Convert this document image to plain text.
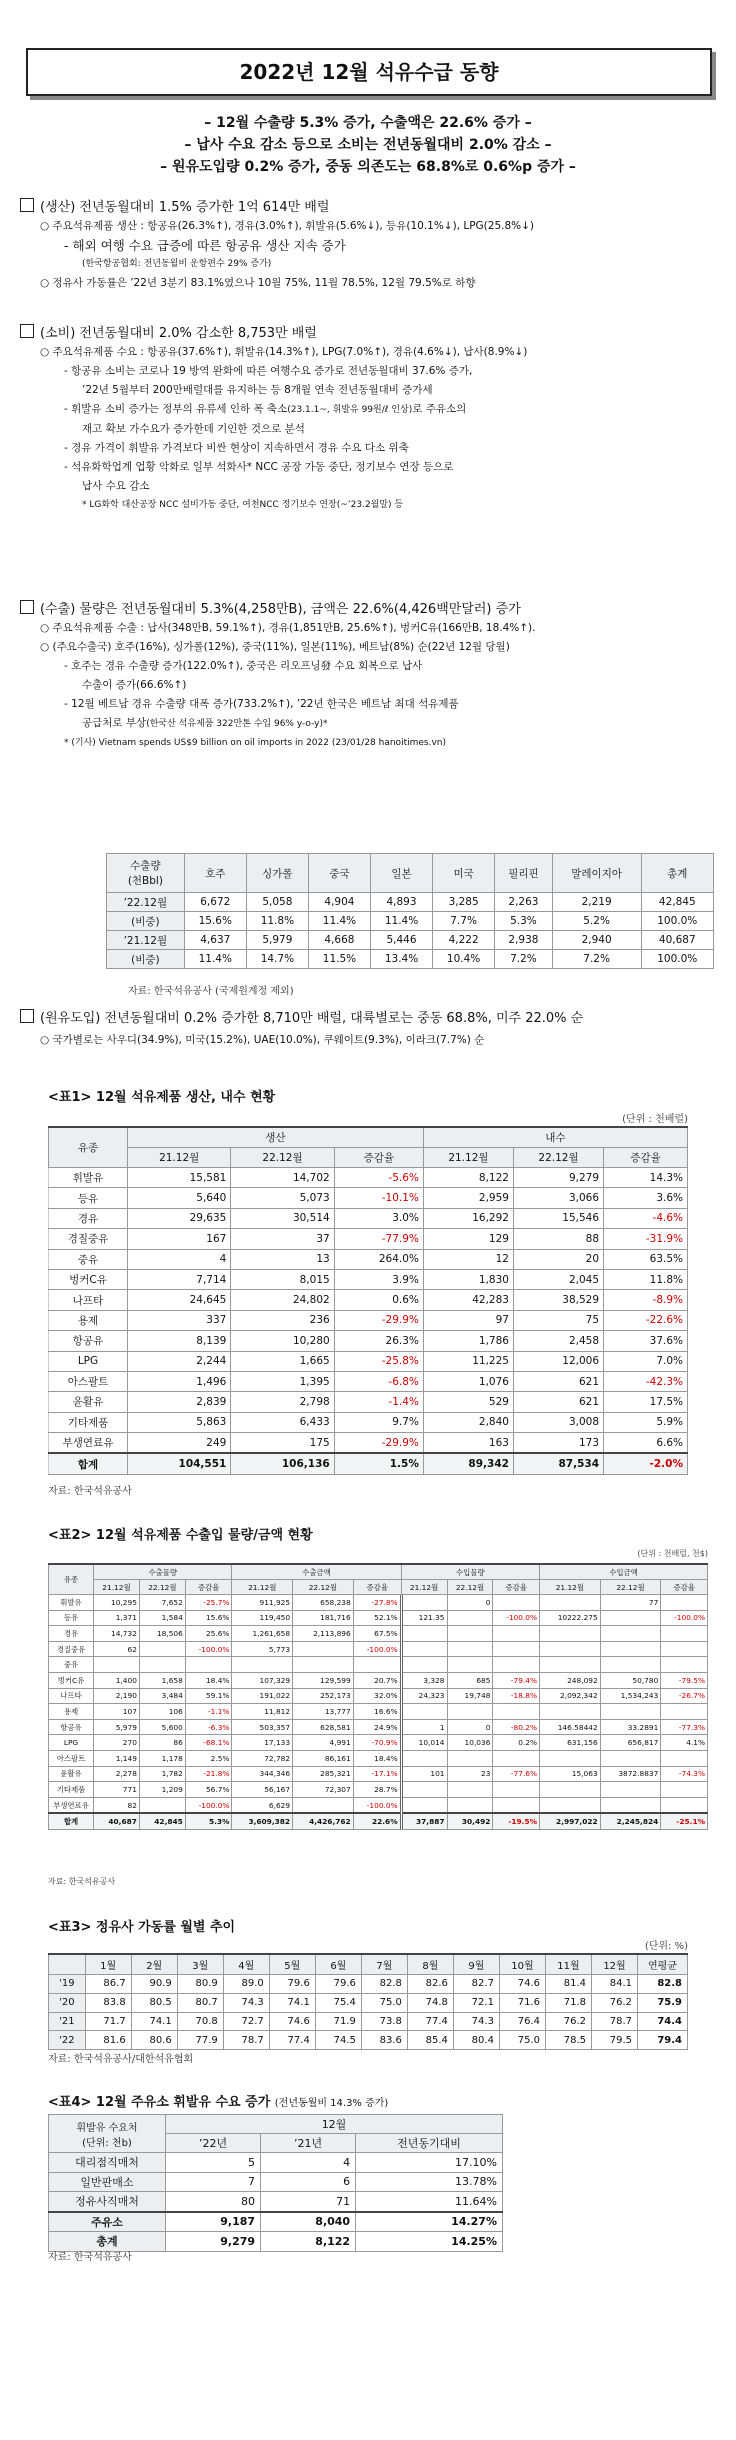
2022년 12월 석유수급 동향
– 12월 수출량 5.3% 증가, 수출액은 22.6% 증가 –
– 납사 수요 감소 등으로 소비는 전년동월대비 2.0% 감소 –
– 원유도입량 0.2% 증가, 중동 의존도는 68.8%로 0.6%p 증가 –
(생산) 전년동월대비 1.5% 증가한 1억 614만 배럴
○ 주요석유제품 생산 : 항공유(26.3%↑), 경유(3.0%↑), 휘발유(5.6%↓), 등유(10.1%↓), LPG(25.8%↓)
- 해외 여행 수요 급증에 따른 항공유 생산 지속 증가
(한국항공협회: 전년동월비 운항편수 29% 증가)
○ 정유사 가동률은 ’22년 3분기 83.1%였으나 10월 75%, 11월 78.5%, 12월 79.5%로 하향
(소비) 전년동월대비 2.0% 감소한 8,753만 배럴
○ 주요석유제품 수요 : 항공유(37.6%↑), 휘발유(14.3%↑), LPG(7.0%↑), 경유(4.6%↓), 납사(8.9%↓)
- 항공유 소비는 코로나 19 방역 완화에 따른 여행수요 증가로 전년동월대비 37.6% 증가,
’22년 5월부터 200만배럴대를 유지하는 등 8개월 연속 전년동월대비 증가세
- 휘발유 소비 증가는 정부의 유류세 인하 폭 축소(23.1.1~, 휘발유 99원/ℓ 인상)로 주유소의
재고 확보 가수요가 증가한데 기인한 것으로 분석
- 경유 가격이 휘발유 가격보다 비싼 현상이 지속하면서 경유 수요 다소 위축
- 석유화학업계 업황 악화로 일부 석화사* NCC 공장 가동 중단, 정기보수 연장 등으로
납사 수요 감소
* LG화학 대산공장 NCC 설비가동 중단, 여천NCC 정기보수 연장(~’23.2월말) 등
(수출) 물량은 전년동월대비 5.3%(4,258만B), 금액은 22.6%(4,426백만달러) 증가
○ 주요석유제품 수출 : 납사(348만B, 59.1%↑), 경유(1,851만B, 25.6%↑), 벙커C유(166만B, 18.4%↑).
○ (주요수출국) 호주(16%), 싱가폴(12%), 중국(11%), 일본(11%), 베트남(8%) 순(22년 12월 당월)
- 호주는 경유 수출량 증가(122.0%↑), 중국은 리오프닝發 수요 회복으로 납사
수출이 증가(66.6%↑)
- 12월 베트남 경유 수출량 대폭 증가(733.2%↑), ’22년 한국은 베트남 최대 석유제품
공급처로 부상(한국산 석유제품 322만톤 수입 96% y-o-y)*
* (기사) Vietnam spends US$9 billion on oil imports in 2022 (23/01/28 hanoitimes.vn)
수출량
(천Bbl)	호주	싱가폴	중국	일본	미국	필리핀	말레이지아	총계
’22.12월	6,672	5,058	4,904	4,893	3,285	2,263	2,219	42,845
(비중)	15.6%	11.8%	11.4%	11.4%	7.7%	5.3%	5.2%	100.0%
’21.12월	4,637	5,979	4,668	5,446	4,222	2,938	2,940	40,687
(비중)	11.4%	14.7%	11.5%	13.4%	10.4%	7.2%	7.2%	100.0%
자료: 한국석유공사 (국제원계정 제외)
(원유도입) 전년동월대비 0.2% 증가한 8,710만 배럴, 대륙별로는 중동 68.8%, 미주 22.0% 순
○ 국가별로는 사우디(34.9%), 미국(15.2%), UAE(10.0%), 쿠웨이트(9.3%), 이라크(7.7%) 순
<표1> 12월 석유제품 생산, 내수 현황
(단위 : 천배럴)
유종	생산			내수		
	21.12월	22.12월	증감율	21.12월	22.12월	증감율
휘발유	15,581	14,702	-5.6%	8,122	9,279	14.3%
등유	5,640	5,073	-10.1%	2,959	3,066	3.6%
경유	29,635	30,514	3.0%	16,292	15,546	-4.6%
경질중유	167	37	-77.9%	129	88	-31.9%
중유	4	13	264.0%	12	20	63.5%
벙커C유	7,714	8,015	3.9%	1,830	2,045	11.8%
나프타	24,645	24,802	0.6%	42,283	38,529	-8.9%
용제	337	236	-29.9%	97	75	-22.6%
항공유	8,139	10,280	26.3%	1,786	2,458	37.6%
LPG	2,244	1,665	-25.8%	11,225	12,006	7.0%
아스팔트	1,496	1,395	-6.8%	1,076	621	-42.3%
윤활유	2,839	2,798	-1.4%	529	621	17.5%
기타제품	5,863	6,433	9.7%	2,840	3,008	5.9%
부생연료유	249	175	-29.9%	163	173	6.6%
합계	104,551	106,136	1.5%	89,342	87,534	-2.0%
자료: 한국석유공사
<표2> 12월 석유제품 수출입 물량/금액 현황
(단위 : 천배럴, 천$)
유종	수출물량			수출금액			수입물량			수입금액		
	21.12월	22.12월	증감율	21.12월	22.12월	증감율	21.12월	22.12월	증감율	21.12월	22.12월	증감율
휘발유	10,295	7,652	-25.7%	911,925	658,238	-27.8%		0			77	
등유	1,371	1,584	15.6%	119,450	181,716	52.1%	121.35		-100.0%	10222.275		-100.0%
경유	14,732	18,506	25.6%	1,261,658	2,113,896	67.5%						
경질중유	62		-100.0%	5,773		-100.0%						
중유												
벙커C유	1,400	1,658	18.4%	107,329	129,599	20.7%	3,328	685	-79.4%	248,092	50,780	-79.5%
나프타	2,190	3,484	59.1%	191,022	252,173	32.0%	24,323	19,748	-18.8%	2,092,342	1,534,243	-26.7%
용제	107	106	-1.1%	11,812	13,777	16.6%						
항공유	5,979	5,600	-6.3%	503,357	628,581	24.9%	1	0	-80.2%	146.58442	33.2891	-77.3%
LPG	270	86	-68.1%	17,133	4,991	-70.9%	10,014	10,036	0.2%	631,156	656,817	4.1%
아스팔트	1,149	1,178	2.5%	72,782	86,161	18.4%						
윤활유	2,278	1,782	-21.8%	344,346	285,321	-17.1%	101	23	-77.6%	15,063	3872.8837	-74.3%
기타제품	771	1,209	56.7%	56,167	72,307	28.7%						
부생연료유	82		-100.0%	6,629		-100.0%						
합계	40,687	42,845	5.3%	3,609,382	4,426,762	22.6%	37,887	30,492	-19.5%	2,997,022	2,245,824	-25.1%
자료: 한국석유공사
<표3> 정유사 가동률 월별 추이
(단위: %)
	1월	2월	3월	4월	5월	6월	7월	8월	9월	10월	11월	12월	연평균
'19	86.7	90.9	80.9	89.0	79.6	79.6	82.8	82.6	82.7	74.6	81.4	84.1	82.8
'20	83.8	80.5	80.7	74.3	74.1	75.4	75.0	74.8	72.1	71.6	71.8	76.2	75.9
'21	71.7	74.1	70.8	72.7	74.6	71.9	73.8	77.4	74.3	76.4	76.2	78.7	74.4
'22	81.6	80.6	77.9	78.7	77.4	74.5	83.6	85.4	80.4	75.0	78.5	79.5	79.4
자료: 한국석유공사/대한석유협회
<표4> 12월 주유소 휘발유 수요 증가 (전년동월비 14.3% 증가)
휘발유 수요처
(단위: 천b)	12월		
	’22년	’21년	전년동기대비
대리점직매처	5	4	17.10%
일반판매소	7	6	13.78%
정유사직매처	80	71	11.64%
주유소	9,187	8,040	14.27%
총계	9,279	8,122	14.25%
자료: 한국석유공사
